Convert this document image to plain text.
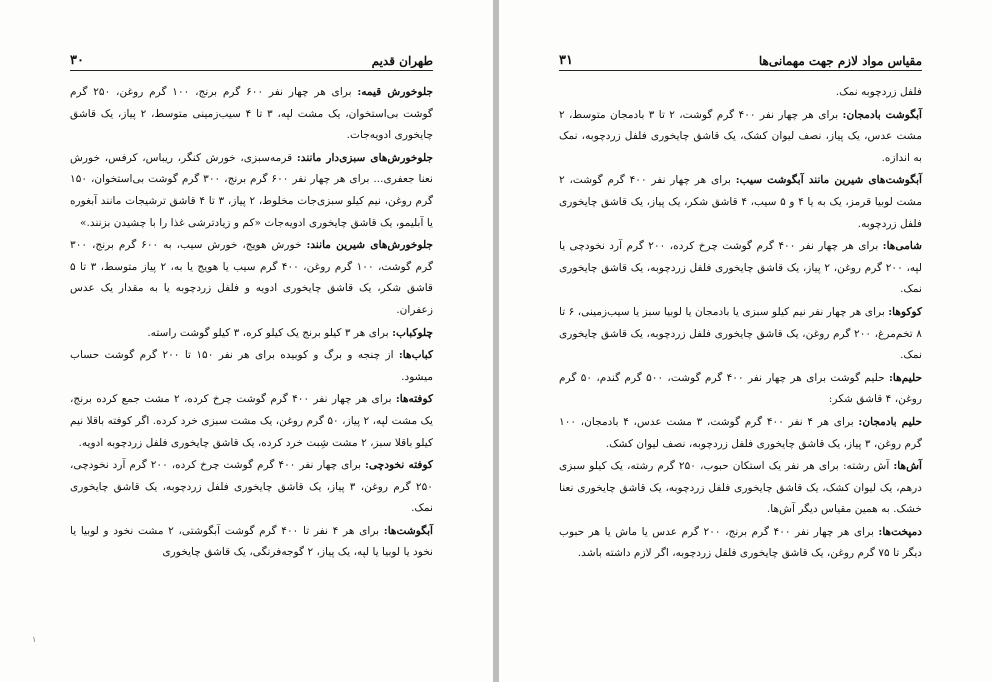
طهران قدیم
۳۰

جلوخورش قیمه: برای هر چهار نفر ۶۰۰ گرم برنج، ۱۰۰ گرم روغن، ۲۵۰ گرم گوشت بی‌استخوان، یک مشت لپه، ۳ تا ۴ سیب‌زمینی متوسط، ۲ پیاز، یک قاشق چایخوری ادویه‌جات.

جلوخورش‌های سبزی‌دار مانند: قرمه‌سبزی، خورش کنگر، ریباس، کرفس، خورش نعنا جعفری... برای هر چهار نفر ۶۰۰ گرم برنج، ۳۰۰ گرم گوشت بی‌استخوان، ۱۵۰ گرم روغن، نیم کیلو سبزی‌جات مخلوط، ۲ پیاز، ۳ تا ۴ قاشق ترشیجات مانند آبغوره یا آبلیمو، یک قاشق چایخوری ادویه‌جات «کم و زیادترشی غذا را با چشیدن بزنند.»

جلوخورش‌های شیرین مانند: خورش هویج، خورش سیب، به ۶۰۰ گرم برنج، ۳۰۰ گرم گوشت، ۱۰۰ گرم روغن، ۴۰۰ گرم سیب یا هویج یا به، ۲ پیاز متوسط، ۳ تا ۵ قاشق شکر، یک قاشق چایخوری ادویه و فلفل زردچوبه یا به مقدار یک عدس زعفران.

چلوکباب: برای هر ۳ کیلو برنج یک کیلو کره، ۳ کیلو گوشت راسته.

کباب‌ها: از چنجه و برگ و کوبیده برای هر نفر ۱۵۰ تا ۲۰۰ گرم گوشت حساب میشود.

کوفته‌ها: برای هر چهار نفر ۴۰۰ گرم گوشت چرخ کرده، ۲ مشت جمع کرده برنج، یک مشت لپه، ۲ پیاز، ۵۰ گرم روغن، یک مشت سبزی خرد کرده. اگر کوفته باقلا نیم کیلو باقلا سبز، ۲ مشت شِبت خرد کرده، یک قاشق چایخوری فلفل زردچوبه ادویه.

کوفته نخودچی: برای چهار نفر ۴۰۰ گرم گوشت چرخ کرده، ۲۰۰ گرم آرد نخودچی، ۲۵۰ گرم روغن، ۳ پیاز، یک قاشق چایخوری فلفل زردچوبه، یک قاشق چایخوری نمک.

آبگوشت‌ها: برای هر ۴ نفر تا ۴۰۰ گرم گوشت آبگوشتی، ۲ مشت نخود و لوبیا یا نخود یا لوبیا یا لپه، یک پیاز، ۲ گوجه‌فرنگی، یک قاشق چایخوری

۱
مقیاس مواد لازم جهت مهمانی‌ها
۳۱

فلفل زردچوبه نمک.

آبگوشت بادمجان: برای هر چهار نفر ۴۰۰ گرم گوشت، ۲ تا ۳ بادمجان متوسط، ۲ مشت عدس، یک پیاز، نصف لیوان کشک، یک قاشق چایخوری فلفل زردچوبه، نمک به اندازه.

آبگوشت‌های شیرین مانند آبگوشت سیب: برای هر چهار نفر ۴۰۰ گرم گوشت، ۲ مشت لوبیا قرمز، یک به یا ۴ و ۵ سیب، ۴ قاشق شکر، یک پیاز، یک قاشق چایخوری فلفل زردچوبه.

شامی‌ها: برای هر چهار نفر ۴۰۰ گرم گوشت چرخ کرده، ۲۰۰ گرم آرد نخودچی یا لپه، ۲۰۰ گرم روغن، ۲ پیاز، یک قاشق چایخوری فلفل زردچوبه، یک قاشق چایخوری نمک.

کوکوها: برای هر چهار نفر نیم کیلو سبزی یا بادمجان یا لوبیا سبز یا سیب‌زمینی، ۶ تا ۸ تخم‌مرغ، ۲۰۰ گرم روغن، یک قاشق چایخوری فلفل زردچوبه، یک قاشق چایخوری نمک.

حلیم‌ها: حلیم گوشت برای هر چهار نفر ۴۰۰ گرم گوشت، ۵۰۰ گرم گندم، ۵۰ گرم روغن، ۴ قاشق شکر:

حلیم بادمجان: برای هر ۴ نفر ۴۰۰ گرم گوشت، ۳ مشت عدس، ۴ بادمجان، ۱۰۰ گرم روغن، ۳ پیاز، یک قاشق چایخوری فلفل زردچوبه، نصف لیوان کشک.

آش‌ها: آش رشته: برای هر نفر یک استکان حبوب، ۲۵۰ گرم رشته، یک کیلو سبزی درهم، یک لیوان کشک، یک قاشق چایخوری فلفل زردچوبه، یک قاشق چایخوری نعنا خشک. به همین مقیاس دیگر آش‌ها.

دمپخت‌ها: برای هر چهار نفر ۴۰۰ گرم برنج، ۲۰۰ گرم عدس یا ماش یا هر حبوب دیگر تا ۷۵ گرم روغن، یک قاشق چایخوری فلفل زردچوبه، اگر لازم داشته باشد.
